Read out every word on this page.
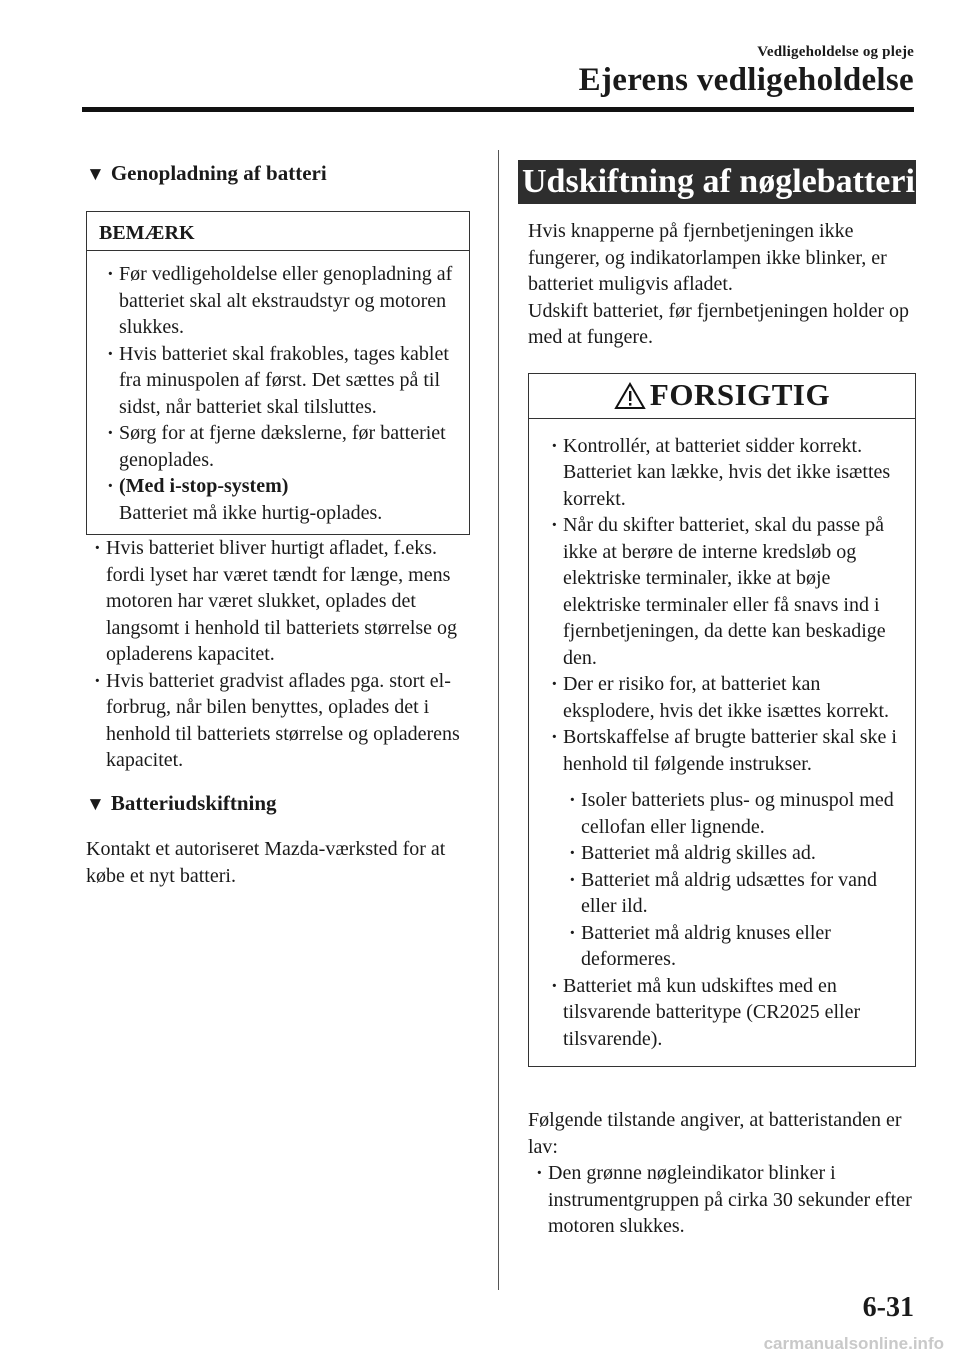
Vedligeholdelse og pleje
Ejerens vedligeholdelse

▼ Genopladning af batteri

BEMÆRK
· Før vedligeholdelse eller genopladning af batteriet skal alt ekstraudstyr og motoren slukkes.
· Hvis batteriet skal frakobles, tages kablet fra minuspolen af først. Det sættes på til sidst, når batteriet skal tilsluttes.
· Sørg for at fjerne dækslerne, før batteriet genoplades.
· (Med i-stop-system)
Batteriet må ikke hurtig-oplades.
· Hvis batteriet bliver hurtigt afladet, f.eks. fordi lyset har været tændt for længe, mens motoren har været slukket, oplades det langsomt i henhold til batteriets størrelse og opladerens kapacitet.
· Hvis batteriet gradvist aflades pga. stort el-forbrug, når bilen benyttes, oplades det i henhold til batteriets størrelse og opladerens kapacitet.

▼ Batteriudskiftning

Kontakt et autoriseret Mazda-værksted for at købe et nyt batteri.

Udskiftning af nøglebatteri
Hvis knapperne på fjernbetjeningen ikke fungerer, og indikatorlampen ikke blinker, er batteriet muligvis afladet.
Udskift batteriet, før fjernbetjeningen holder op med at fungere.
FORSIGTIG
· Kontrollér, at batteriet sidder korrekt. Batteriet kan lække, hvis det ikke isættes korrekt.
· Når du skifter batteriet, skal du passe på ikke at berøre de interne kredsløb og elektriske terminaler, ikke at bøje elektriske terminaler eller få snavs ind i fjernbetjeningen, da dette kan beskadige den.
· Der er risiko for, at batteriet kan eksplodere, hvis det ikke isættes korrekt.
· Bortskaffelse af brugte batterier skal ske i henhold til følgende instrukser.
· Isoler batteriets plus- og minuspol med cellofan eller lignende.
· Batteriet må aldrig skilles ad.
· Batteriet må aldrig udsættes for vand eller ild.
· Batteriet må aldrig knuses eller deformeres.
· Batteriet må kun udskiftes med en tilsvarende batteritype (CR2025 eller tilsvarende).
Følgende tilstande angiver, at batteristanden er lav:
· Den grønne nøgleindikator blinker i instrumentgruppen på cirka 30 sekunder efter motoren slukkes.
6-31
carmanualsonline.info
